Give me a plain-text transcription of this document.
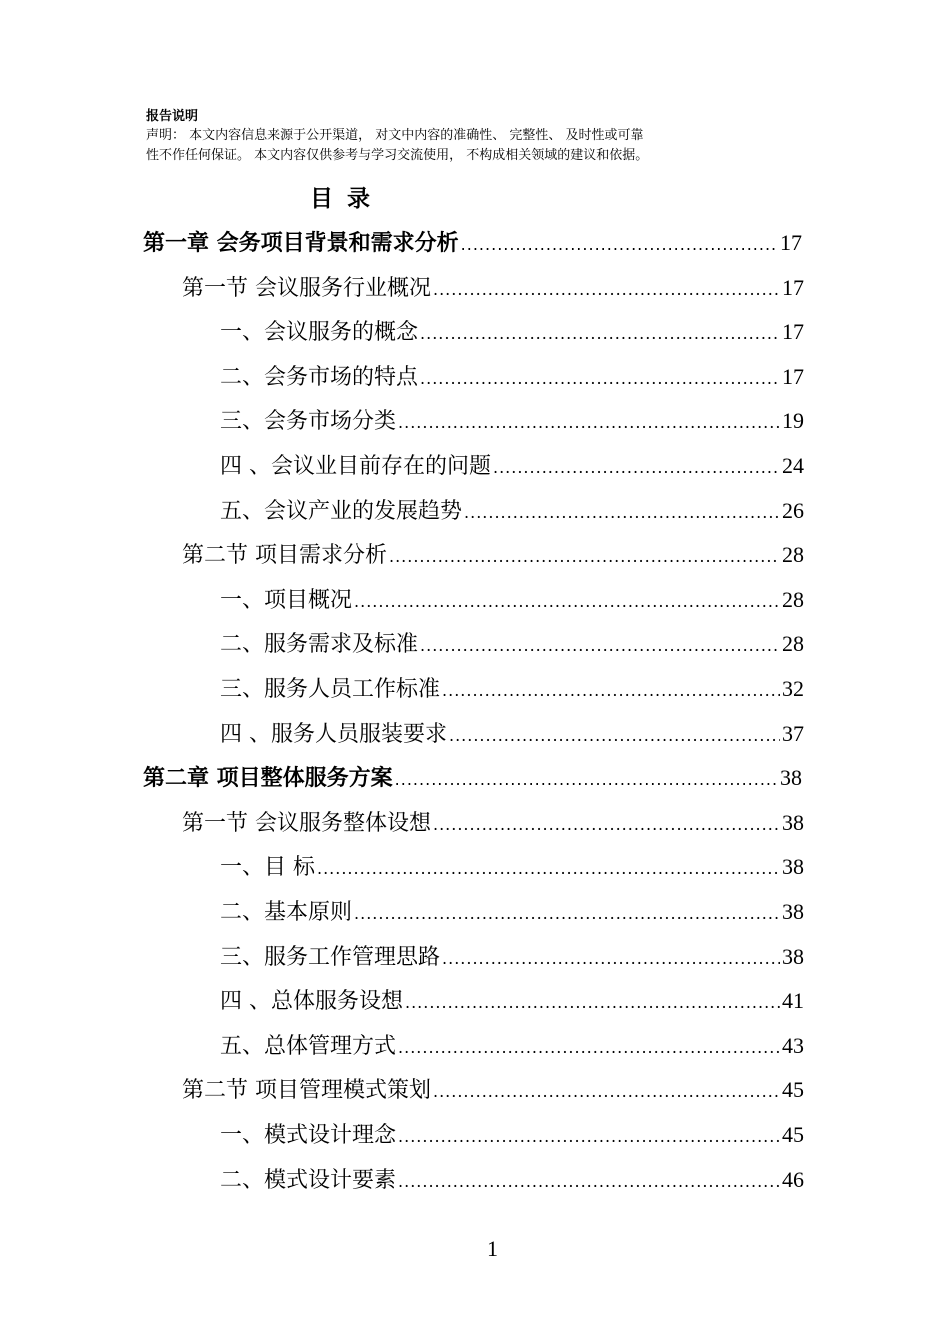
报告说明
声明： 本文内容信息来源于公开渠道， 对文中内容的准确性、 完整性、 及时性或可靠
性不作任何保证。 本文内容仅供参考与学习交流使用， 不构成相关领域的建议和依据。
目录
第一章 会务项目背景和需求分析 .....	17
第一节 会议服务行业概况 .....	17
一、会议服务的概念 .....	17
二、会务市场的特点 .....	17
三、会务市场分类 .....	19
四 、会议业目前存在的问题 .....	24
五、会议产业的发展趋势 .....	26
第二节 项目需求分析 .....	28
一、项目概况 .....	28
二、服务需求及标准 .....	28
三、服务人员工作标准 .....	32
四 、服务人员服装要求 .....	37
第二章 项目整体服务方案 .....	38
第一节 会议服务整体设想 .....	38
一、目 标 .....	38
二、基本原则 .....	38
三、服务工作管理思路 .....	38
四 、总体服务设想 .....	41
五、总体管理方式 .....	43
第二节 项目管理模式策划 .....	45
一、模式设计理念 .....	45
二、模式设计要素 .....	46
1
